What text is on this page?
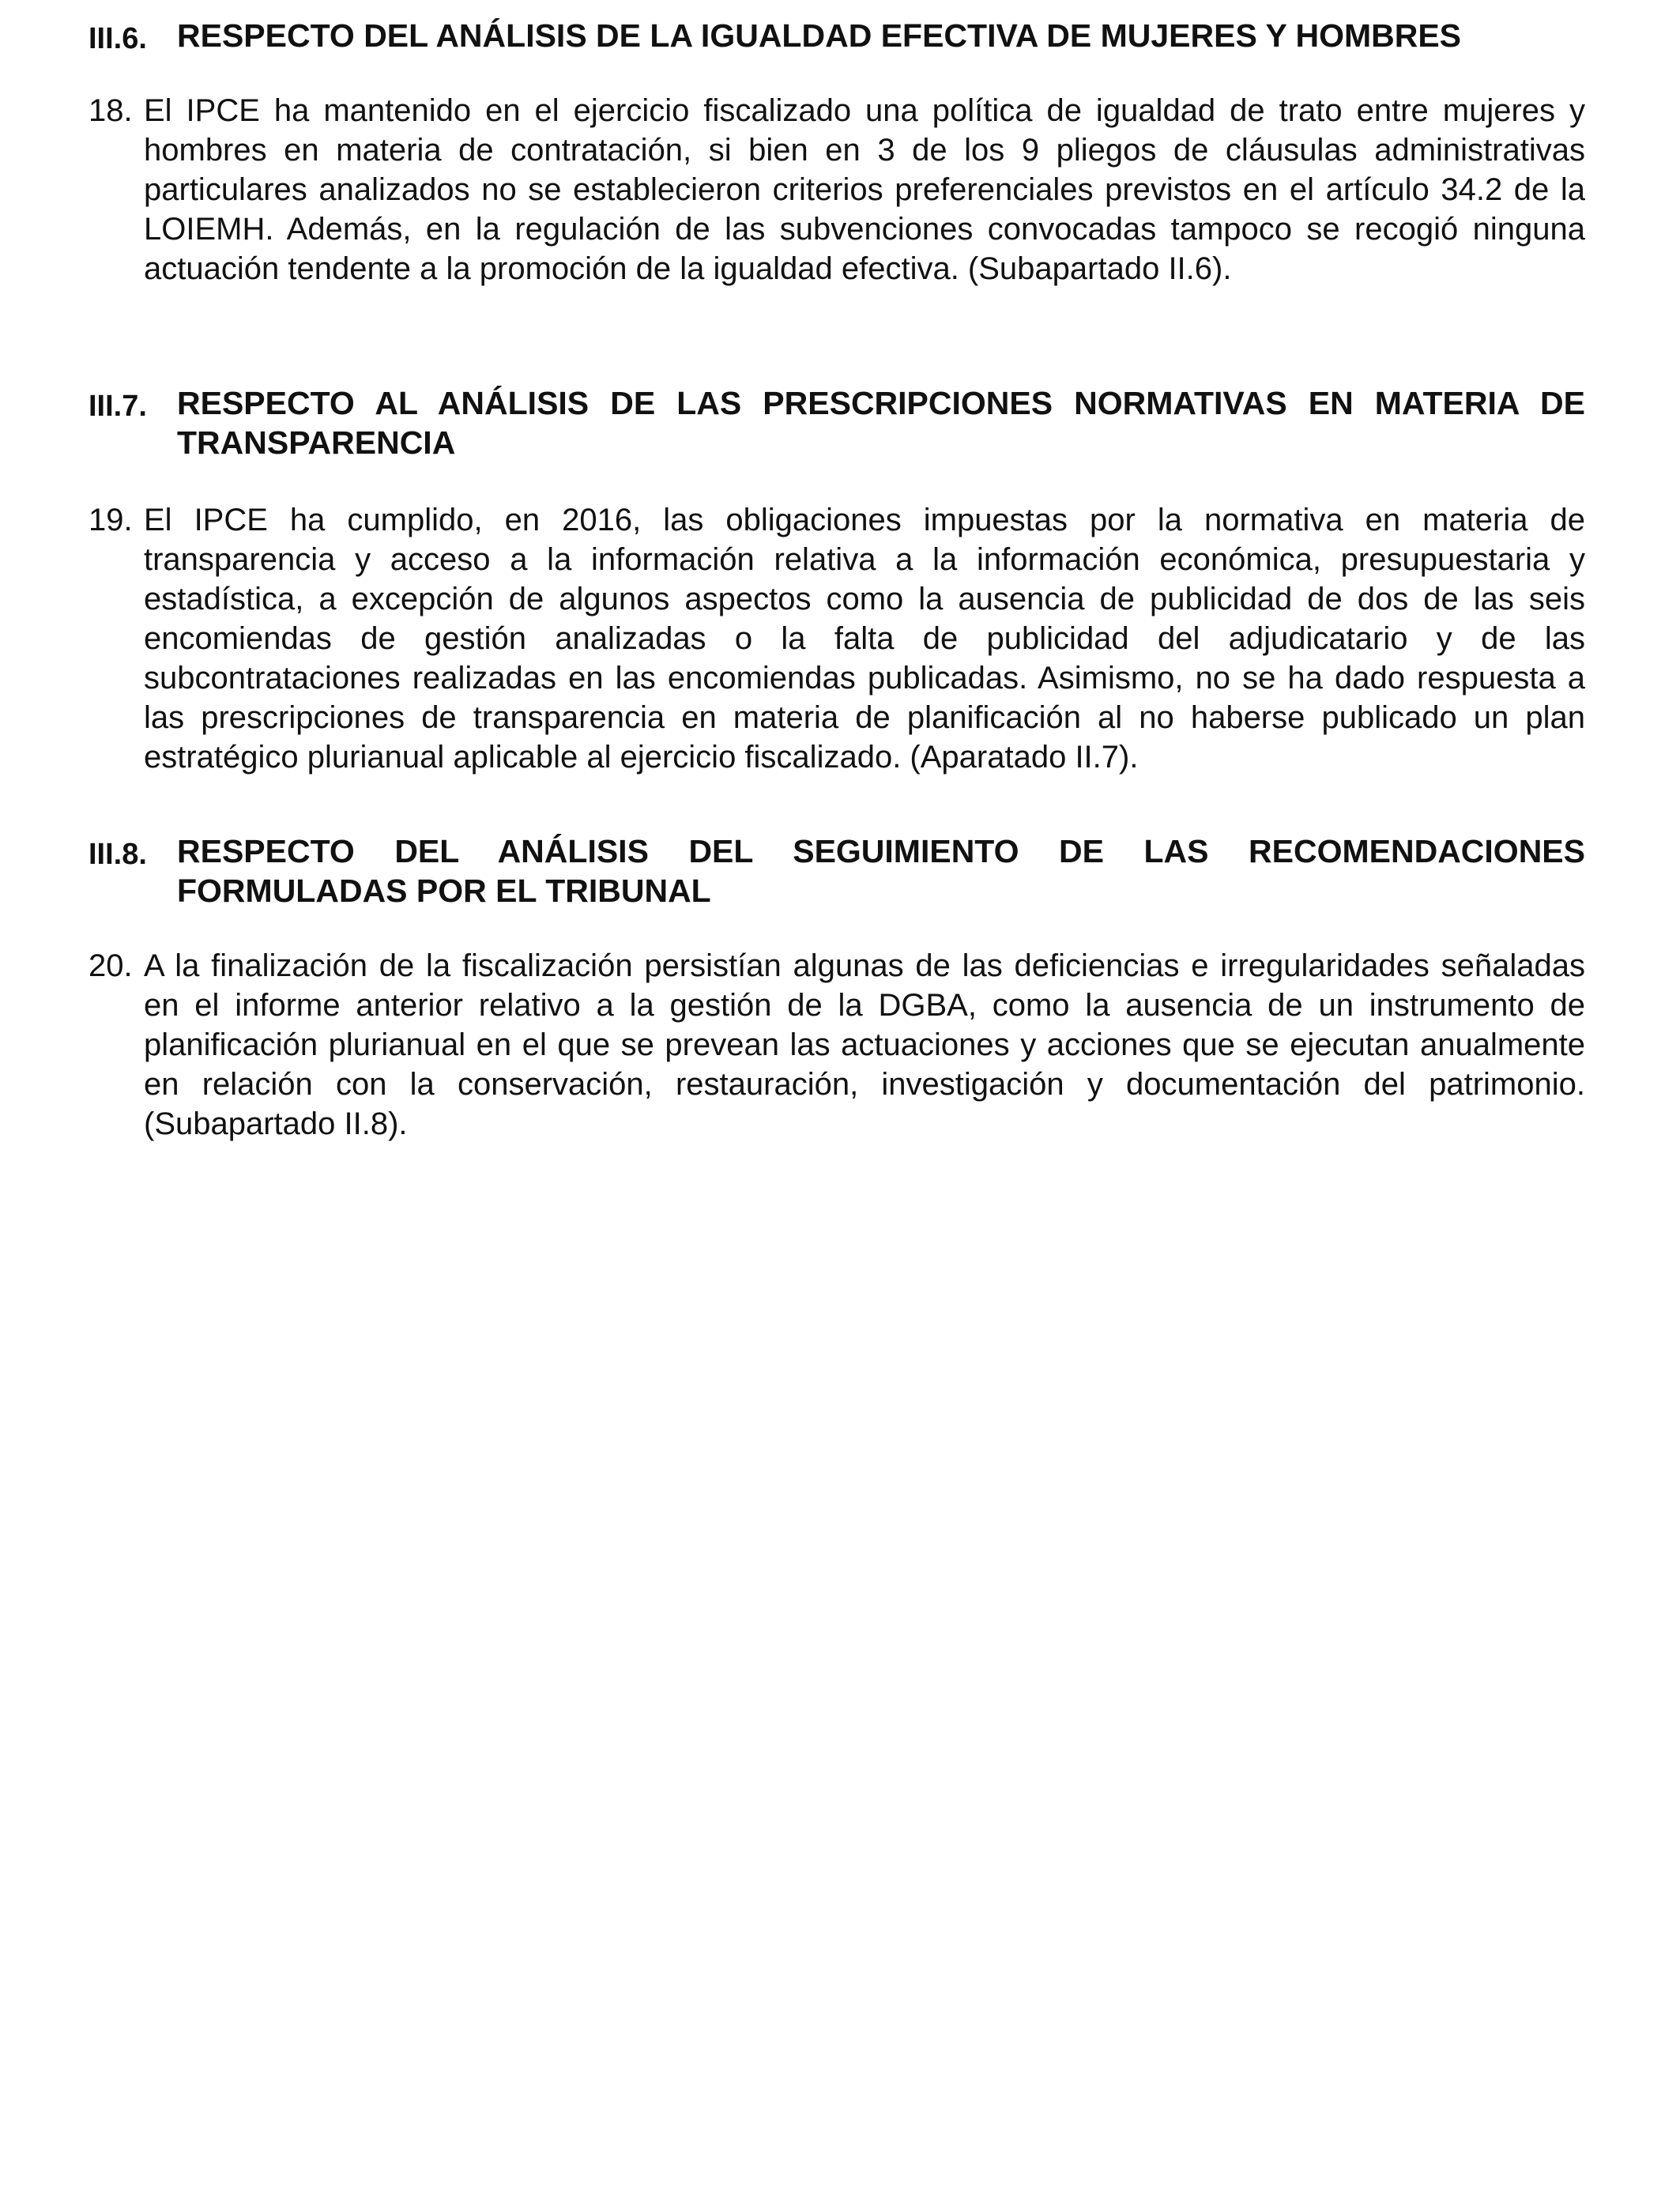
III.6. RESPECTO DEL ANÁLISIS DE LA IGUALDAD EFECTIVA DE MUJERES Y HOMBRES
18. El IPCE ha mantenido en el ejercicio fiscalizado una política de igualdad de trato entre mujeres y hombres en materia de contratación, si bien en 3 de los 9 pliegos de cláusulas administrativas particulares analizados no se establecieron criterios preferenciales previstos en el artículo 34.2 de la LOIEMH. Además, en la regulación de las subvenciones convocadas tampoco se recogió ninguna actuación tendente a la promoción de la igualdad efectiva. (Subapartado II.6).
III.7. RESPECTO AL ANÁLISIS DE LAS PRESCRIPCIONES NORMATIVAS EN MATERIA DE TRANSPARENCIA
19. El IPCE ha cumplido, en 2016, las obligaciones impuestas por la normativa en materia de transparencia y acceso a la información relativa a la información económica, presupuestaria y estadística, a excepción de algunos aspectos como la ausencia de publicidad de dos de las seis encomiendas de gestión analizadas o la falta de publicidad del adjudicatario y de las subcontrataciones realizadas en las encomiendas publicadas. Asimismo, no se ha dado respuesta a las prescripciones de transparencia en materia de planificación al no haberse publicado un plan estratégico plurianual aplicable al ejercicio fiscalizado. (Aparatado II.7).
III.8. RESPECTO DEL ANÁLISIS DEL SEGUIMIENTO DE LAS RECOMENDACIONES FORMULADAS POR EL TRIBUNAL
20. A la finalización de la fiscalización persistían algunas de las deficiencias e irregularidades señaladas en el informe anterior relativo a la gestión de la DGBA, como la ausencia de un instrumento de planificación plurianual en el que se prevean las actuaciones y acciones que se ejecutan anualmente en relación con la conservación, restauración, investigación y documentación del patrimonio. (Subapartado II.8).
